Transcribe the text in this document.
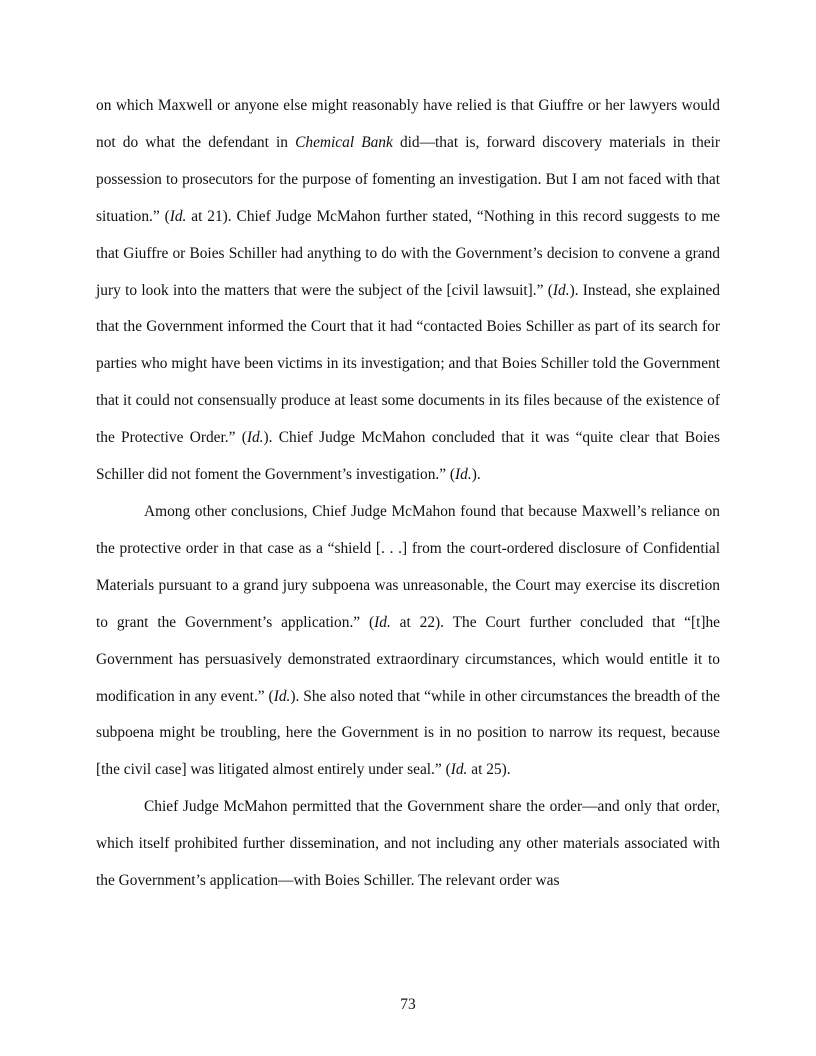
on which Maxwell or anyone else might reasonably have relied is that Giuffre or her lawyers would not do what the defendant in Chemical Bank did—that is, forward discovery materials in their possession to prosecutors for the purpose of fomenting an investigation. But I am not faced with that situation.” (Id. at 21). Chief Judge McMahon further stated, “Nothing in this record suggests to me that Giuffre or Boies Schiller had anything to do with the Government’s decision to convene a grand jury to look into the matters that were the subject of the [civil lawsuit].” (Id.). Instead, she explained that the Government informed the Court that it had “contacted Boies Schiller as part of its search for parties who might have been victims in its investigation; and that Boies Schiller told the Government that it could not consensually produce at least some documents in its files because of the existence of the Protective Order.” (Id.). Chief Judge McMahon concluded that it was “quite clear that Boies Schiller did not foment the Government’s investigation.” (Id.).

Among other conclusions, Chief Judge McMahon found that because Maxwell’s reliance on the protective order in that case as a “shield [. . .] from the court-ordered disclosure of Confidential Materials pursuant to a grand jury subpoena was unreasonable, the Court may exercise its discretion to grant the Government’s application.” (Id. at 22). The Court further concluded that “[t]he Government has persuasively demonstrated extraordinary circumstances, which would entitle it to modification in any event.” (Id.). She also noted that “while in other circumstances the breadth of the subpoena might be troubling, here the Government is in no position to narrow its request, because [the civil case] was litigated almost entirely under seal.” (Id. at 25).

Chief Judge McMahon permitted that the Government share the order—and only that order, which itself prohibited further dissemination, and not including any other materials associated with the Government’s application—with Boies Schiller. The relevant order was

73
